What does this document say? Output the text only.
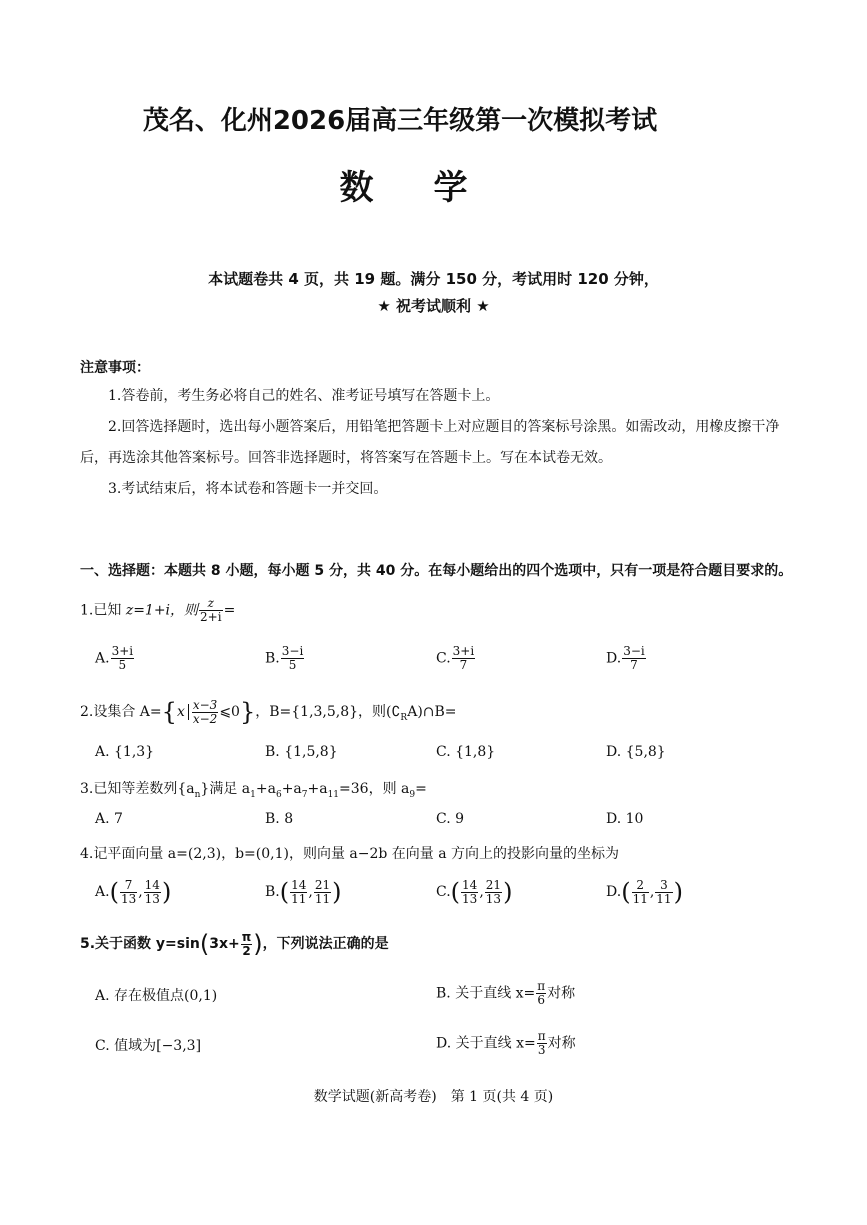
茂名、化州2026届高三年级第一次模拟考试
数学
本试题卷共 4 页，共 19 题。满分 150 分，考试用时 120 分钟，
★ 祝考试顺利 ★
注意事项：

1.答卷前，考生务必将自己的姓名、准考证号填写在答题卡上。

2.回答选择题时，选出每小题答案后，用铅笔把答题卡上对应题目的答案标号涂黑。如需改动，用橡皮擦干净后，再选涂其他答案标号。回答非选择题时，将答案写在答题卡上。写在本试卷无效。

3.考试结束后，将本试卷和答题卡一并交回。

一、选择题：本题共 8 小题，每小题 5 分，共 40 分。在每小题给出的四个选项中，只有一项是符合题目要求的。
1.已知 z=1+i，则 $\frac{z}{2+i}$ =
A. $\frac{3+i}{5}$	B. $\frac{3-i}{5}$	C. $\frac{3+i}{7}$	D. $\frac{3-i}{7}$
2.设集合 $A=\{x \frac{x-3}{x-2}$ ⩽0}，B={1,3,5,8}，则$(∁_RA)\cap B=$
A. {1,3}	B. {1,5,8}	C. {1,8}	D. {5,8}
3.已知等差数列$\{a_n\}$满足 $a_1+a_6+a_7+a_{11}=36$，则 $a_9=$
A. 7	B. 8	C. 9	D. 10
4.记平面向量 a=(2,3)，b=(0,1)，则向量 a−2b 在向量 a 方向上的投影向量的坐标为
$A.( \frac{7}{13}$ , $\frac{14}{13}$ )	$B.( \frac{14}{11}$ , $\frac{21}{11}$ )	$C.( \frac{14}{13}$ , $\frac{21}{13}$ )	$D.( \frac{2}{11}$ , $\frac{3}{11}$ )
5.关于函数 $y=\sin(3x+ \frac{\pi}{2}$ )，下列说法正确的是
A. 存在极值点(0,1)	B. 关于直线 $x= \frac{\pi}{6}$ 对称
C. 值域为[−3,3]	D. 关于直线 $x= \frac{\pi}{3}$ 对称
数学试题(新高考卷)　第 1 页(共 4 页)
